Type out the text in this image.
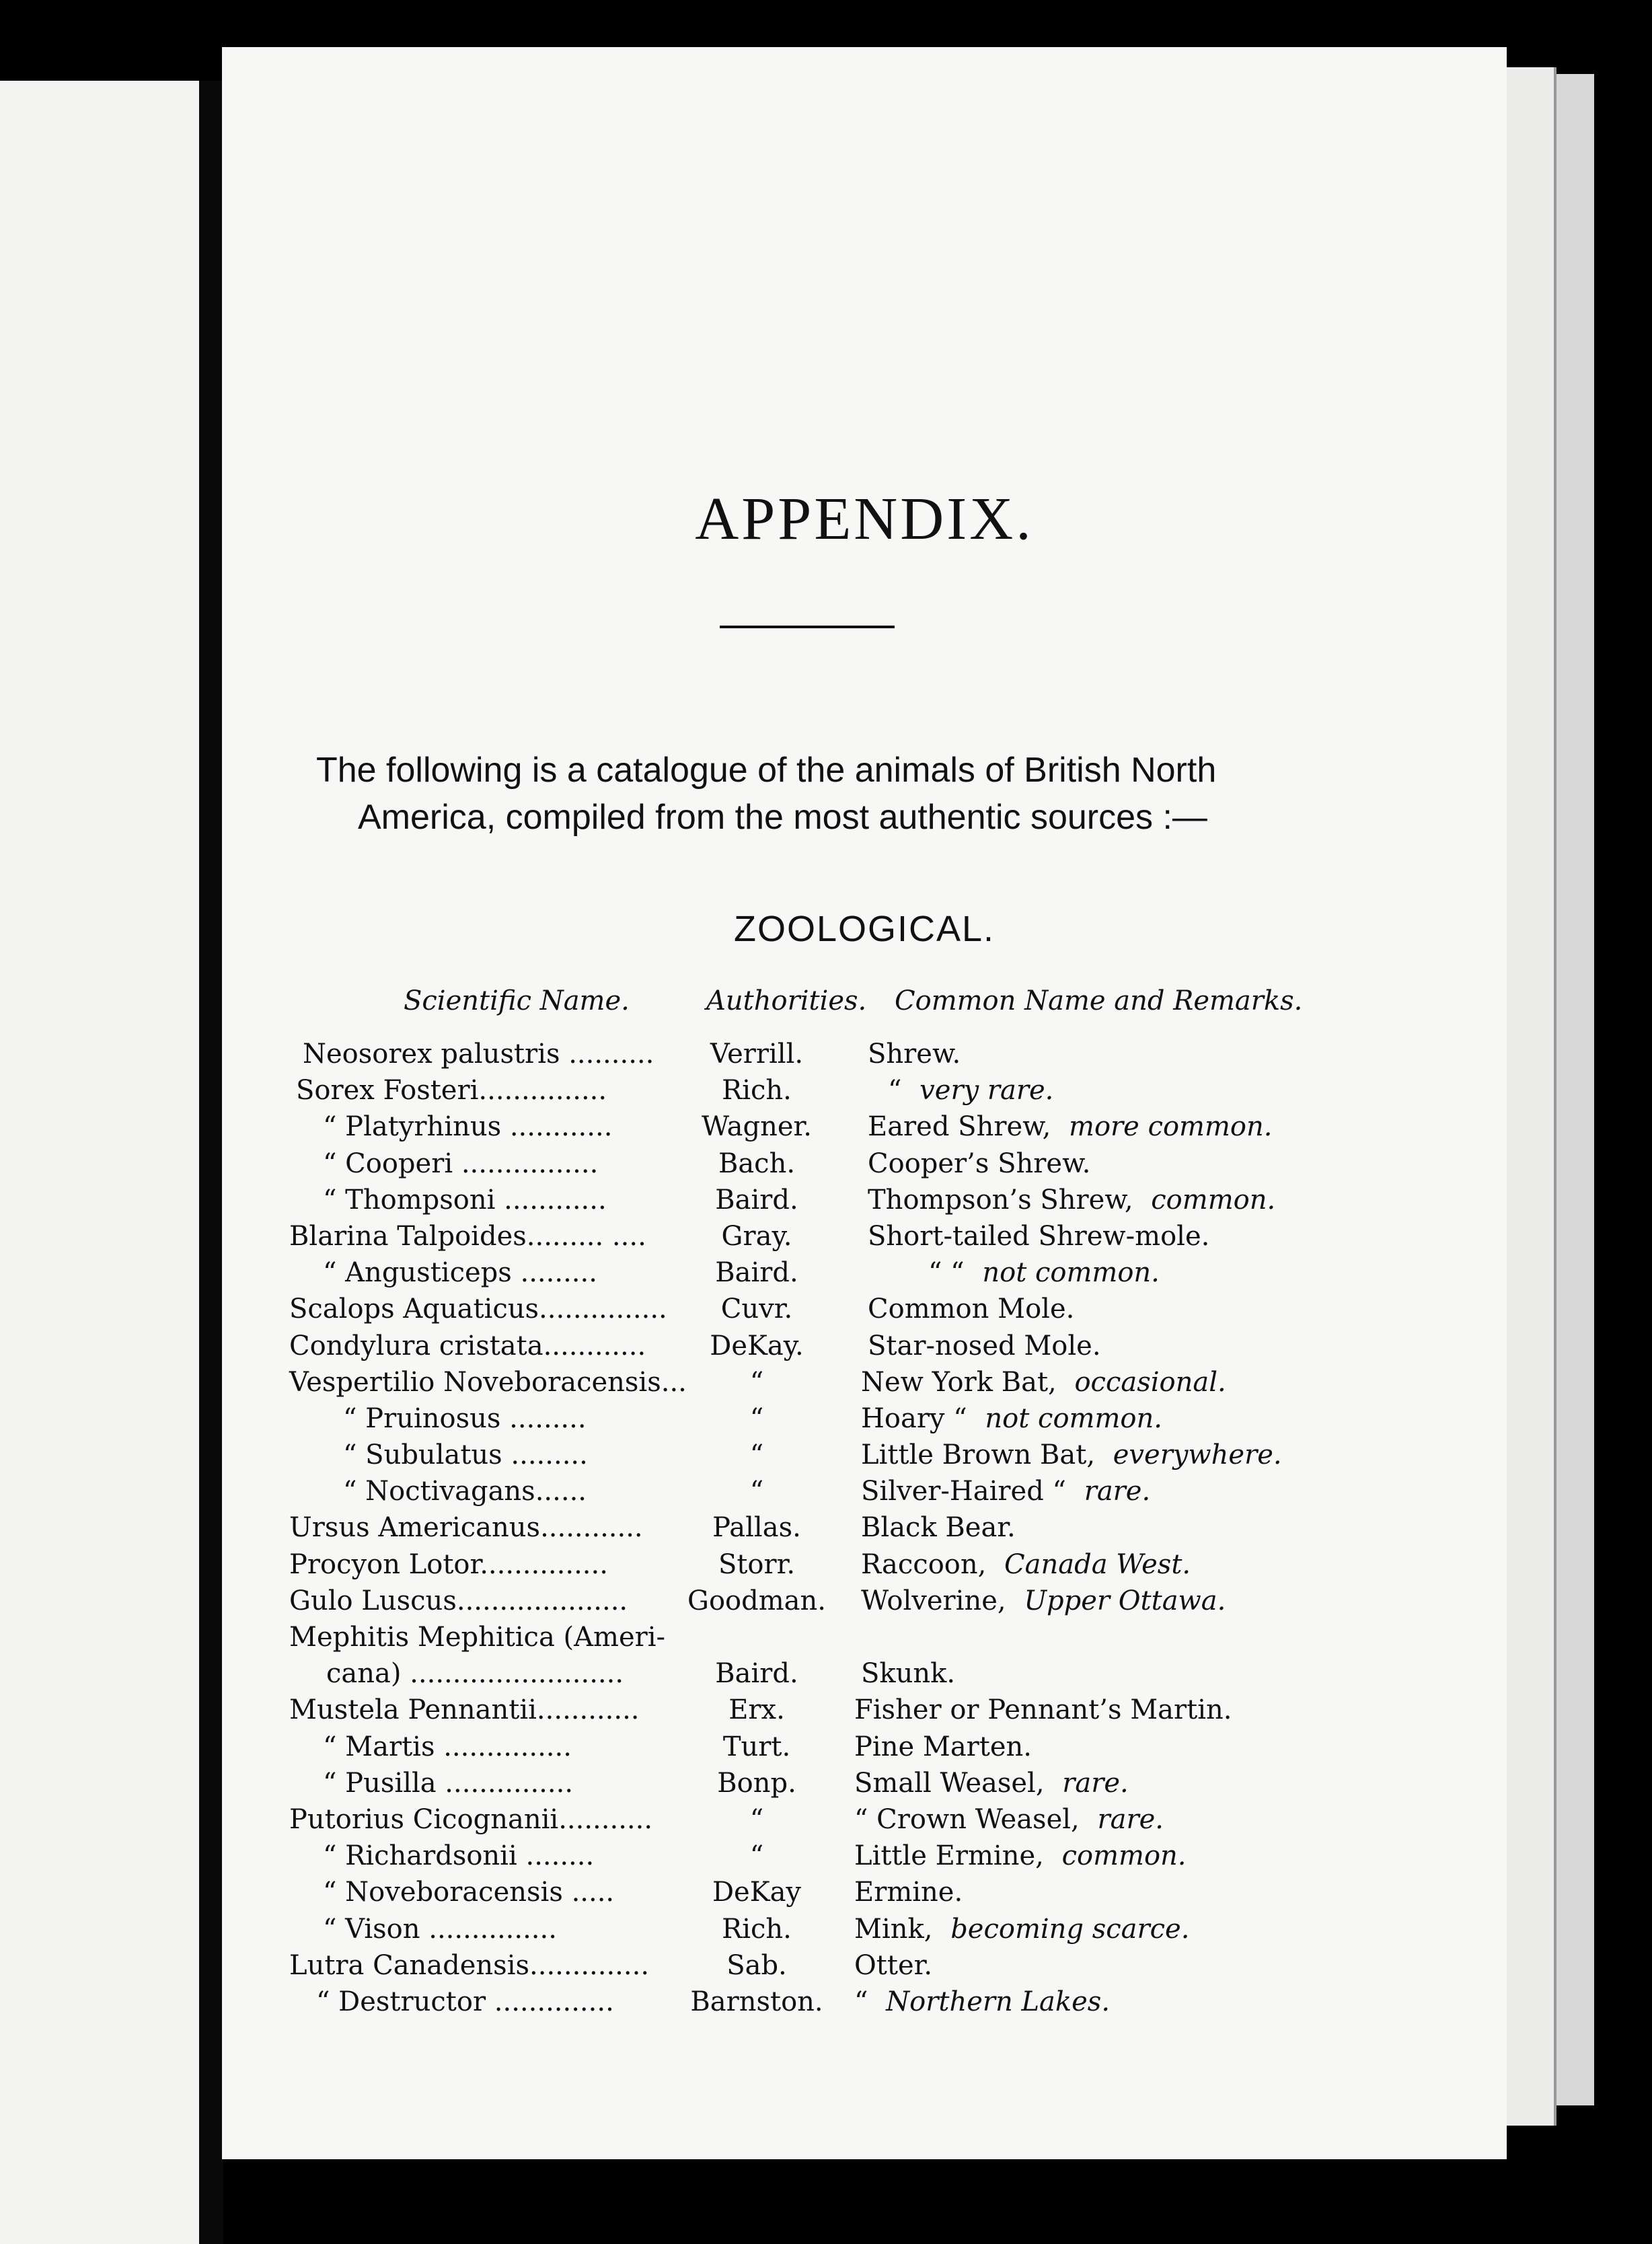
APPENDIX.
The following is a catalogue of the animals of British North
America, compiled from the most authentic sources :—
ZOOLOGICAL.
Scientific Name.	Authorities. Common Name and Remarks.
Neosorex palustris ..........	Verrill.	Shrew.
Sorex Fosteri...............	Rich.	“ very rare.
“ Platyrhinus ............	Wagner.	Eared Shrew, more common.
“ Cooperi ................	Bach.	Cooper’s Shrew.
“ Thompsoni ............	Baird.	Thompson’s Shrew, common.
Blarina Talpoides......... ....	Gray.	Short-tailed Shrew-mole.
“ Angusticeps .........	Baird.	“ “ not common.
Scalops Aquaticus...............	Cuvr.	Common Mole.
Condylura cristata............	DeKay.	Star-nosed Mole.
Vespertilio Noveboracensis...	“	New York Bat, occasional.
“ Pruinosus .........	“	Hoary “ not common.
“ Subulatus .........	“	Little Brown Bat, everywhere.
“ Noctivagans......	“	Silver-Haired “ rare.
Ursus Americanus............	Pallas.	Black Bear.
Procyon Lotor...............	Storr.	Raccoon, Canada West.
Gulo Luscus.................... Goodman. Wolverine, Upper Ottawa.
Mephitis Mephitica (Ameri-
cana) .........................	Baird.	Skunk.
Mustela Pennantii............	Erx.	Fisher or Pennant’s Martin.
“ Martis ...............	Turt.	Pine Marten.
“ Pusilla ...............	Bonp.	Small Weasel, rare.
Putorius Cicognanii...........	“	“ Crown Weasel, rare.
“ Richardsonii ........	“	Little Ermine, common.
“ Noveboracensis .....	DeKay	Ermine.
“ Vison ...............	Rich.	Mink, becoming scarce.
Lutra Canadensis..............	Sab.	Otter.
“ Destructor ..............	Barnston. “ Northern Lakes.
